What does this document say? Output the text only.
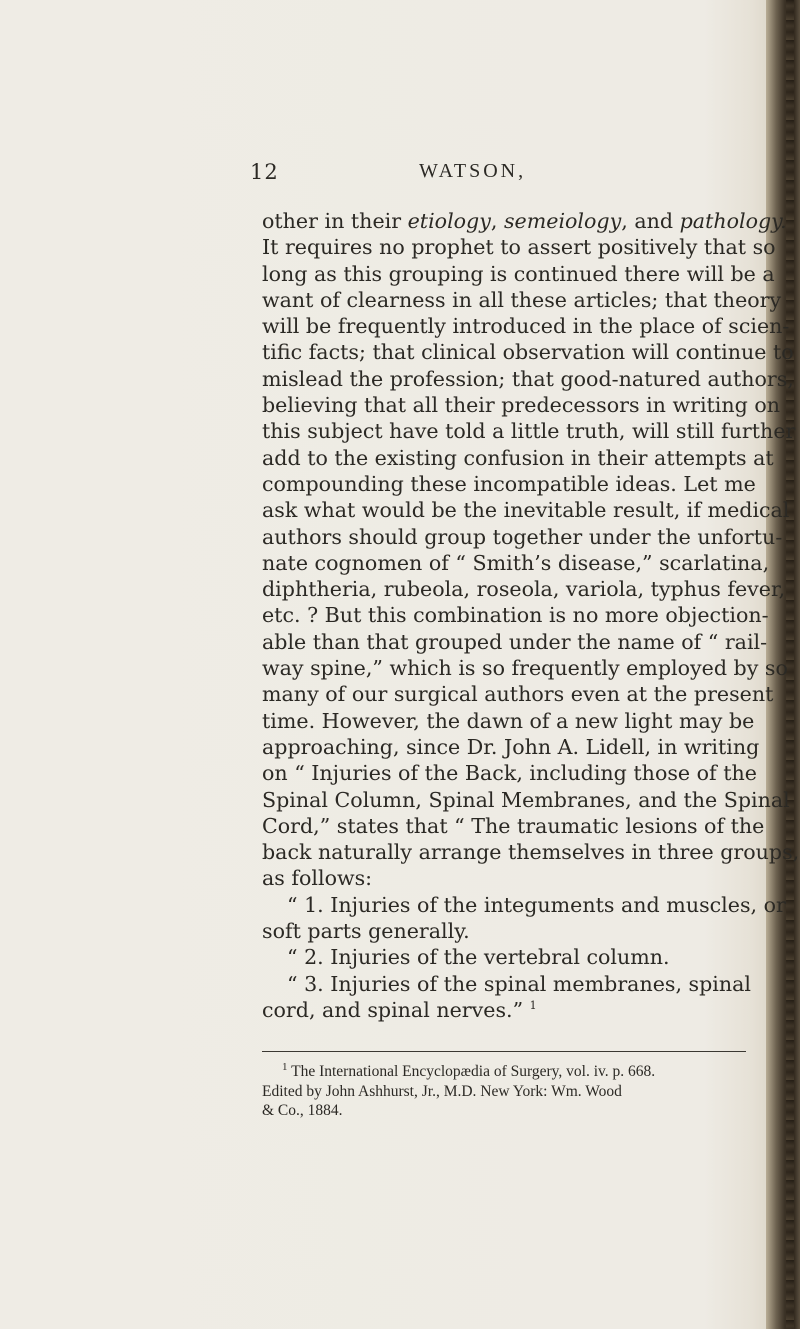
12	WATSON,
other in their etiology, semeiology, and pathology.
It requires no prophet to assert positively that so
long as this grouping is continued there will be a
want of clearness in all these articles; that theory
will be frequently introduced in the place of scien-
tific facts; that clinical observation will continue to
mislead the profession; that good-natured authors,
believing that all their predecessors in writing on
this subject have told a little truth, will still further
add to the existing confusion in their attempts at
compounding these incompatible ideas. Let me
ask what would be the inevitable result, if medical
authors should group together under the unfortu-
nate cognomen of “ Smith’s disease,” scarlatina,
diphtheria, rubeola, roseola, variola, typhus fever,
etc. ? But this combination is no more objection-
able than that grouped under the name of “ rail-
way spine,” which is so frequently employed by so
many of our surgical authors even at the present
time. However, the dawn of a new light may be
approaching, since Dr. John A. Lidell, in writing
on “ Injuries of the Back, including those of the
Spinal Column, Spinal Membranes, and the Spinal
Cord,” states that “ The traumatic lesions of the
back naturally arrange themselves in three groups,
as follows:
“ 1. Injuries of the integuments and muscles, or
soft parts generally.
“ 2. Injuries of the vertebral column.
“ 3. Injuries of the spinal membranes, spinal
cord, and spinal nerves.” $^1$
$^1$ The International Encyclopædia of Surgery, vol. iv. p. 668.
Edited by John Ashhurst, Jr., M.D. New York: Wm. Wood
& Co., 1884.
